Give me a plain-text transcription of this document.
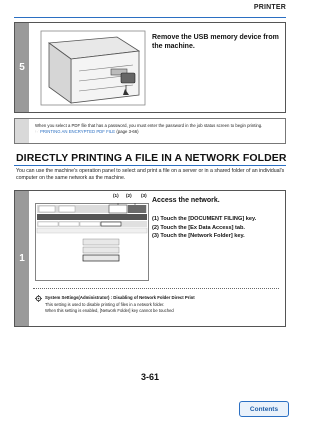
PRINTER
5
Remove the USB memory device from
the machine.
When you select a PDF file that has a password, you must enter the password in the job status screen to begin printing.
☞ PRINTING AN ENCRYPTED PDF FILE (page 3-66)
DIRECTLY PRINTING A FILE IN A NETWORK FOLDER
You can use the machine's operation panel to select and print a file on a server or in a shared folder of an individual's
computer on the same network as the machine.
1
(1) (2) (3)
Access the network.
(1) Touch the [DOCUMENT FILING] key.
(2) Touch the [Ex Data Access] tab.
(3) Touch the [Network Folder] key.
System Settings(Administrator) : Disabling of Network Folder Direct Print
This setting is used to disable printing of files in a network folder.
When this setting is enabled, [Network Folder] key cannot be touched
3-61
Contents
